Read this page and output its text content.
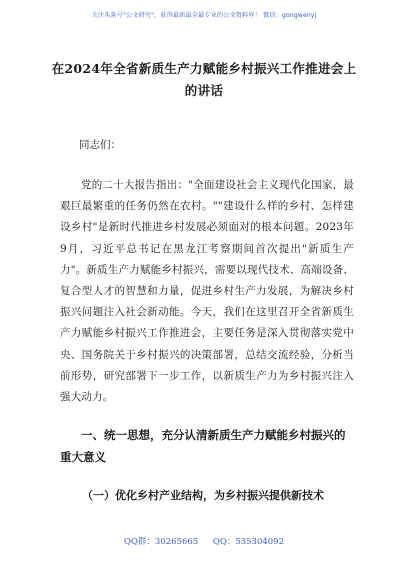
关注头条号"公文研究"，获得最新最全最专业的公文资料库！ 微信：gongwenyj
在2024年全省新质生产力赋能乡村振兴工作推进会上的讲话
同志们：
党的二十大报告指出："全面建设社会主义现代化国家，最艰巨最繁重的任务仍然在农村。""建设什么样的乡村、怎样建设乡村"是新时代推进乡村发展必须面对的根本问题。2023年9月，习近平总书记在黑龙江考察期间首次提出"新质生产力"。新质生产力赋能乡村振兴，需要以现代技术、高端设备、复合型人才的智慧和力量，促进乡村生产力发展，为解决乡村振兴问题注入社会新动能。今天，我们在这里召开全省新质生产力赋能乡村振兴工作推进会，主要任务是深入贯彻落实党中央、国务院关于乡村振兴的决策部署，总结交流经验，分析当前形势，研究部署下一步工作，以新质生产力为乡村振兴注入强大动力。
一、统一思想，充分认清新质生产力赋能乡村振兴的重大意义
（一）优化乡村产业结构，为乡村振兴提供新技术
QQ群：30265665 QQ：535304092
